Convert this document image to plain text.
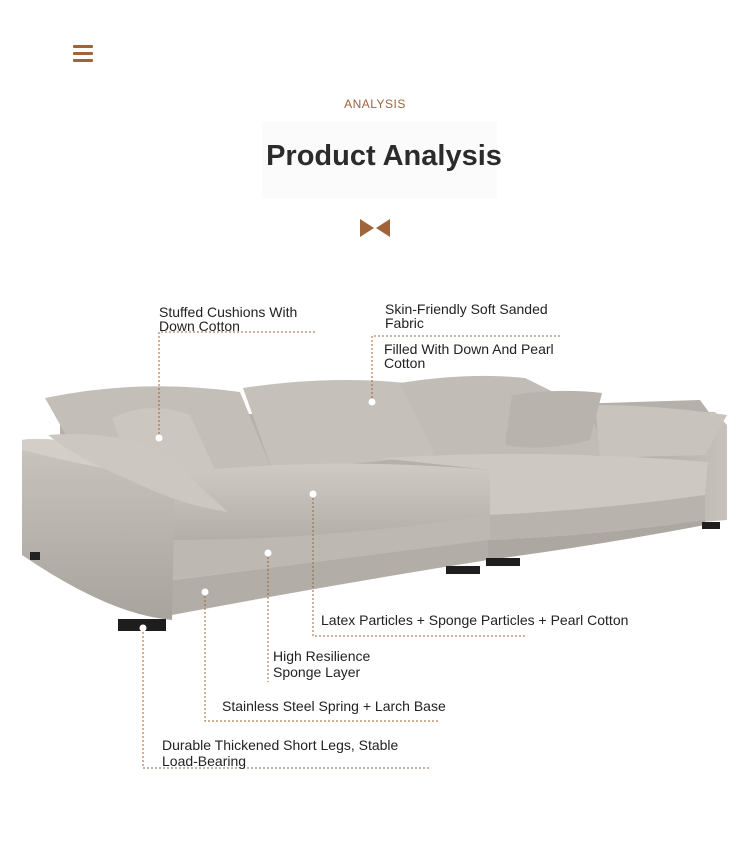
ANALYSIS
Product Analysis
Stuffed Cushions With
Down Cotton
Skin-Friendly Soft Sanded
Fabric
Filled With Down And Pearl
Cotton
Latex Particles + Sponge Particles + Pearl Cotton
High Resilience
Sponge Layer
Stainless Steel Spring + Larch Base
Durable Thickened Short Legs, Stable
Load-Bearing
